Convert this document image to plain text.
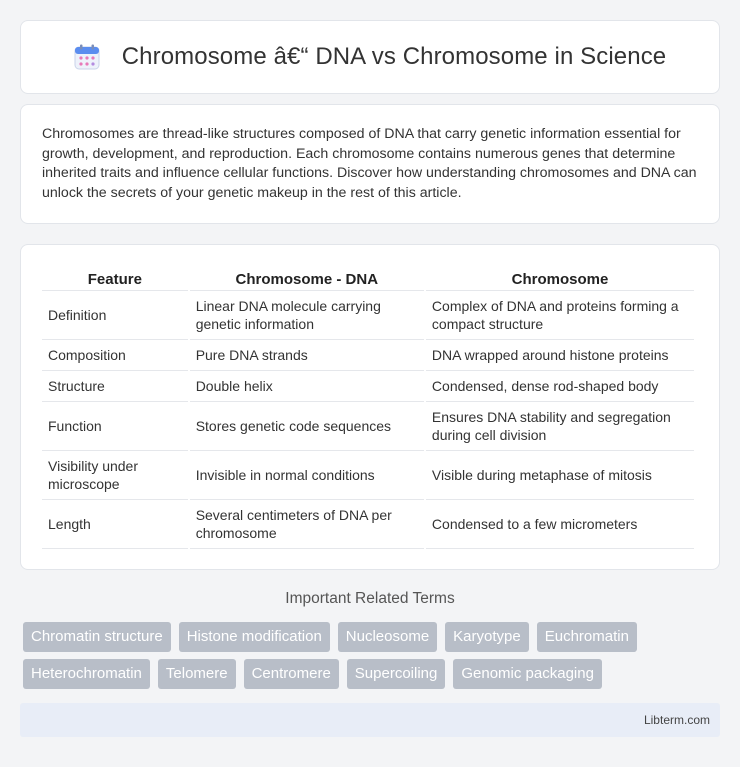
Chromosome â€“ DNA vs Chromosome in Science

Chromosomes are thread-like structures composed of DNA that carry genetic information essential for growth, development, and reproduction. Each chromosome contains numerous genes that determine inherited traits and influence cellular functions. Discover how understanding chromosomes and DNA can unlock the secrets of your genetic makeup in the rest of this article.

Feature	Chromosome - DNA	Chromosome
Definition	Linear DNA molecule carrying genetic information	Complex of DNA and proteins forming a compact structure
Composition	Pure DNA strands	DNA wrapped around histone proteins
Structure	Double helix	Condensed, dense rod-shaped body
Function	Stores genetic code sequences	Ensures DNA stability and segregation during cell division
Visibility under microscope	Invisible in normal conditions	Visible during metaphase of mitosis
Length	Several centimeters of DNA per chromosome	Condensed to a few micrometers
Important Related Terms
Chromatin structure	Histone modification	Nucleosome	Karyotype	Euchromatin
Heterochromatin	Telomere	Centromere	Supercoiling	Genomic packaging
Libterm.com
